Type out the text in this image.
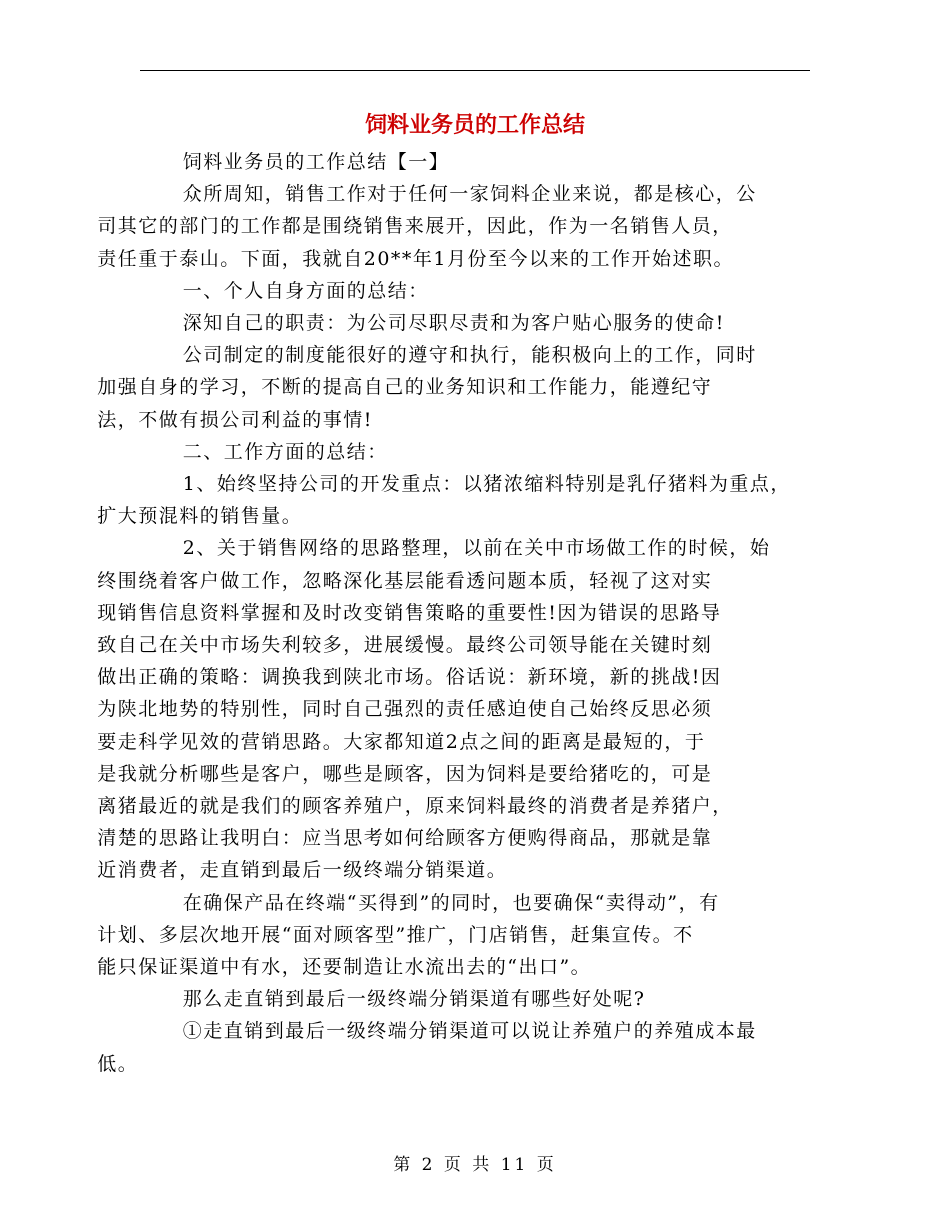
饲料业务员的工作总结

饲料业务员的工作总结【一】

众所周知，销售工作对于任何一家饲料企业来说，都是核心，公
司其它的部门的工作都是围绕销售来展开，因此，作为一名销售人员，
责任重于泰山。下面，我就自20**年1月份至今以来的工作开始述职。

一、个人自身方面的总结：

深知自己的职责：为公司尽职尽责和为客户贴心服务的使命!

公司制定的制度能很好的遵守和执行，能积极向上的工作，同时
加强自身的学习，不断的提高自己的业务知识和工作能力，能遵纪守
法，不做有损公司利益的事情!

二、工作方面的总结：

1、始终坚持公司的开发重点：以猪浓缩料特别是乳仔猪料为重点，
扩大预混料的销售量。

2、关于销售网络的思路整理，以前在关中市场做工作的时候，始
终围绕着客户做工作，忽略深化基层能看透问题本质，轻视了这对实
现销售信息资料掌握和及时改变销售策略的重要性!因为错误的思路导
致自己在关中市场失利较多，进展缓慢。最终公司领导能在关键时刻
做出正确的策略：调换我到陕北市场。俗话说：新环境，新的挑战!因
为陕北地势的特别性，同时自己强烈的责任感迫使自己始终反思必须
要走科学见效的营销思路。大家都知道2点之间的距离是最短的，于
是我就分析哪些是客户，哪些是顾客，因为饲料是要给猪吃的，可是
离猪最近的就是我们的顾客养殖户，原来饲料最终的消费者是养猪户，
清楚的思路让我明白：应当思考如何给顾客方便购得商品，那就是靠
近消费者，走直销到最后一级终端分销渠道。

在确保产品在终端“买得到”的同时，也要确保“卖得动”，有
计划、多层次地开展“面对顾客型”推广，门店销售，赶集宣传。不
能只保证渠道中有水，还要制造让水流出去的“出口”。

那么走直销到最后一级终端分销渠道有哪些好处呢?

①走直销到最后一级终端分销渠道可以说让养殖户的养殖成本最
低。

第 2 页 共 11 页
